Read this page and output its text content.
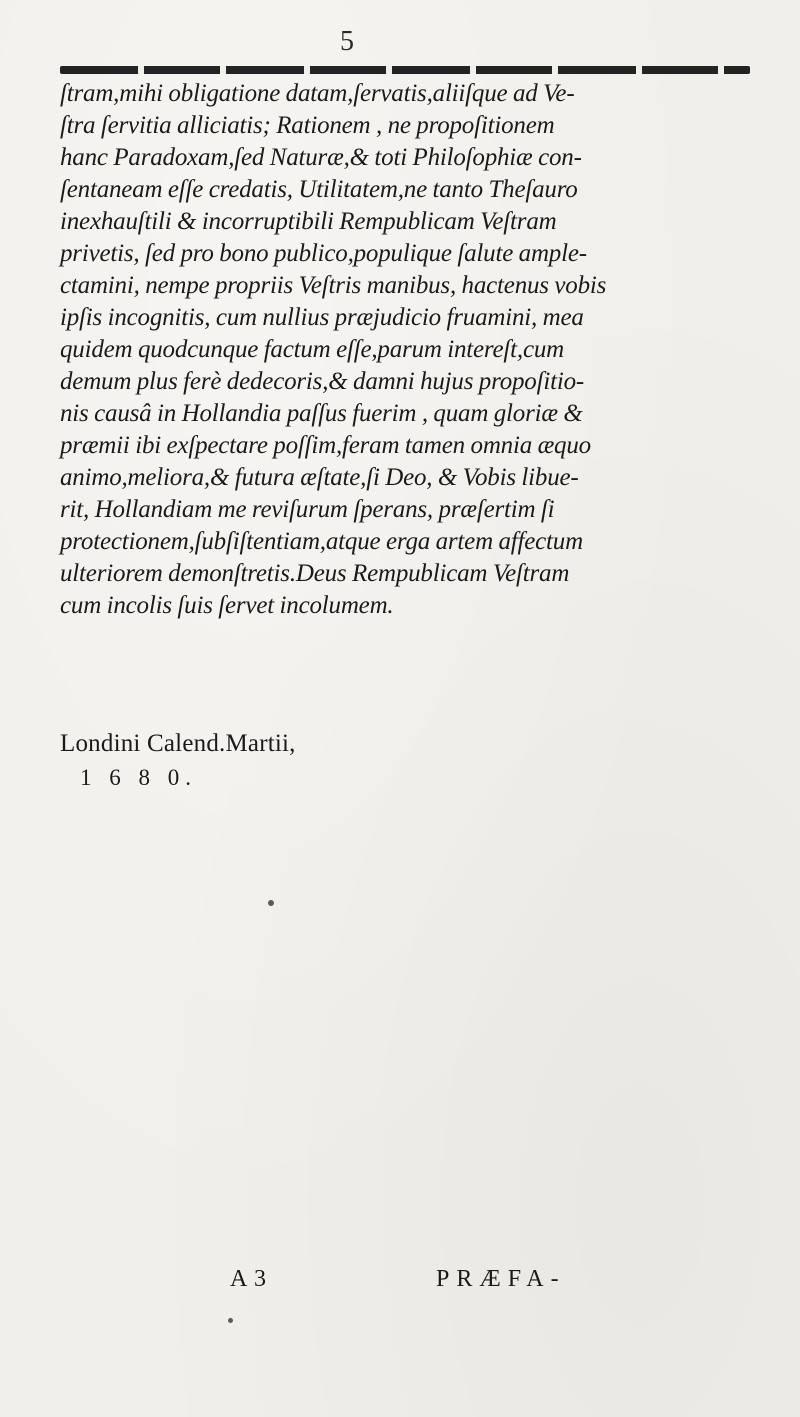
5
ſtram,mihi obligatione datam,ſervatis,aliiſque ad Ve-
ſtra ſervitia alliciatis; Rationem , ne propoſitionem
hanc Paradoxam,ſed Naturæ,& toti Philoſophiæ con-
ſentaneam eſſe credatis, Utilitatem,ne tanto Theſauro
inexhauſtili & incorruptibili Rempublicam Veſtram
privetis, ſed pro bono publico,populique ſalute ample-
ctamini, nempe propriis Veſtris manibus, hactenus vobis
ipſis incognitis, cum nullius præjudicio fruamini, mea
quidem quodcunque factum eſſe,parum intereſt,cum
demum plus ferè dedecoris,& damni hujus propoſitio-
nis causâ in Hollandia paſſus fuerim , quam gloriæ &
præmii ibi exſpectare poſſim,feram tamen omnia æquo
animo,meliora,& futura æſtate,ſi Deo, & Vobis libue-
rit, Hollandiam me reviſurum ſperans, præſertim ſi
protectionem,ſubſiſtentiam,atque erga artem affectum
ulteriorem demonſtretis.Deus Rempublicam Veſtram
cum incolis ſuis ſervet incolumem.
Londini Calend.Martii,
1 6 8 0.
A 3	PRÆFA-
